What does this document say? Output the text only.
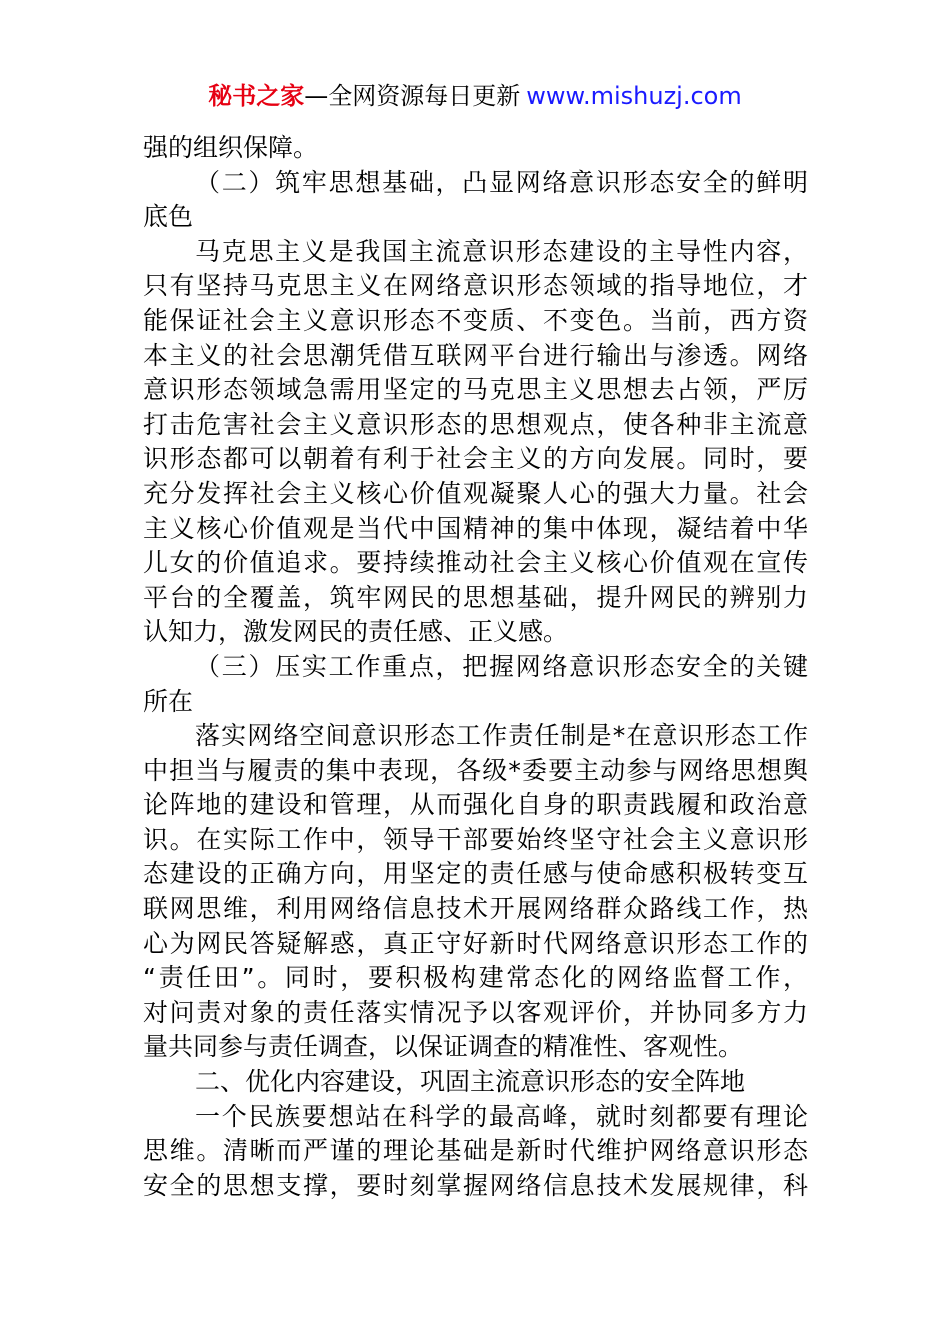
秘书之家—全网资源每日更新 www.mishuzj.com
强的组织保障。
（二）筑牢思想基础，凸显网络意识形态安全的鲜明
底色
马克思主义是我国主流意识形态建设的主导性内容，
只有坚持马克思主义在网络意识形态领域的指导地位，才
能保证社会主义意识形态不变质、不变色。当前，西方资
本主义的社会思潮凭借互联网平台进行输出与渗透。网络
意识形态领域急需用坚定的马克思主义思想去占领，严厉
打击危害社会主义意识形态的思想观点，使各种非主流意
识形态都可以朝着有利于社会主义的方向发展。同时，要
充分发挥社会主义核心价值观凝聚人心的强大力量。社会
主义核心价值观是当代中国精神的集中体现，凝结着中华
儿女的价值追求。要持续推动社会主义核心价值观在宣传
平台的全覆盖，筑牢网民的思想基础，提升网民的辨别力
认知力，激发网民的责任感、正义感。
（三）压实工作重点，把握网络意识形态安全的关键
所在
落实网络空间意识形态工作责任制是*在意识形态工作
中担当与履责的集中表现，各级*委要主动参与网络思想舆
论阵地的建设和管理，从而强化自身的职责践履和政治意
识。在实际工作中，领导干部要始终坚守社会主义意识形
态建设的正确方向，用坚定的责任感与使命感积极转变互
联网思维，利用网络信息技术开展网络群众路线工作，热
心为网民答疑解惑，真正守好新时代网络意识形态工作的
“责任田”。同时，要积极构建常态化的网络监督工作，
对问责对象的责任落实情况予以客观评价，并协同多方力
量共同参与责任调查，以保证调查的精准性、客观性。
二、优化内容建设，巩固主流意识形态的安全阵地
一个民族要想站在科学的最高峰，就时刻都要有理论
思维。清晰而严谨的理论基础是新时代维护网络意识形态
安全的思想支撑，要时刻掌握网络信息技术发展规律，科
